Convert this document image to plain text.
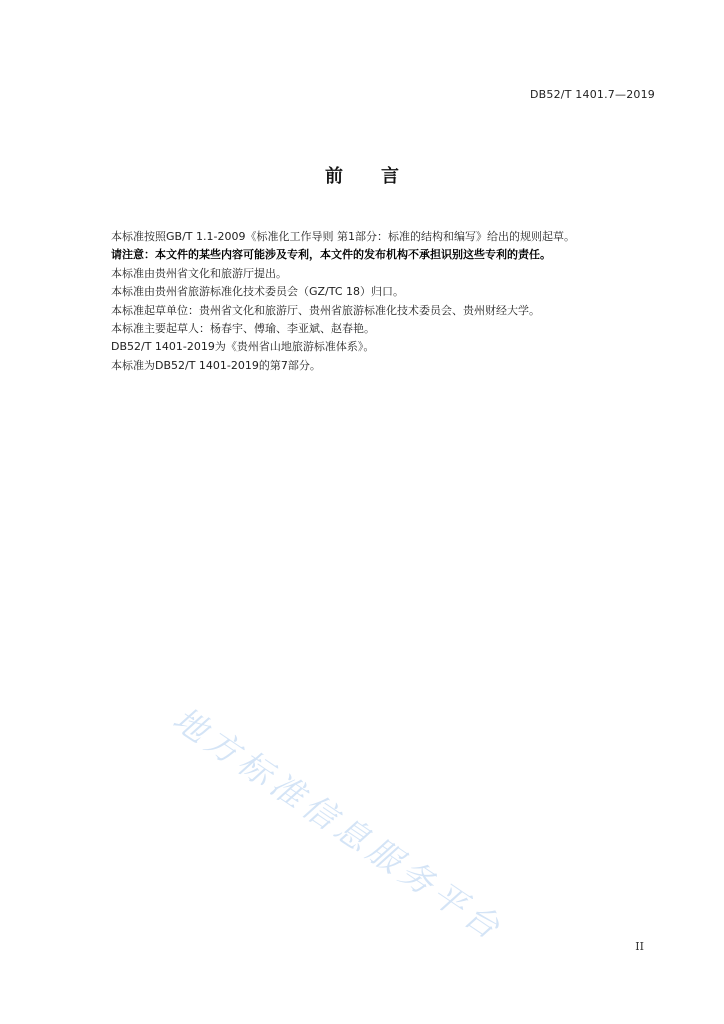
DB52/T 1401.7—2019
前 言
本标准按照GB/T 1.1-2009《标准化工作导则 第1部分：标准的结构和编写》给出的规则起草。
请注意：本文件的某些内容可能涉及专利，本文件的发布机构不承担识别这些专利的责任。
本标准由贵州省文化和旅游厅提出。
本标准由贵州省旅游标准化技术委员会（GZ/TC 18）归口。
本标准起草单位：贵州省文化和旅游厅、贵州省旅游标准化技术委员会、贵州财经大学。
本标准主要起草人：杨春宇、傅瑜、李亚斌、赵春艳。
DB52/T 1401-2019为《贵州省山地旅游标准体系》。
本标准为DB52/T 1401-2019的第7部分。
地方标准信息服务平台	II
